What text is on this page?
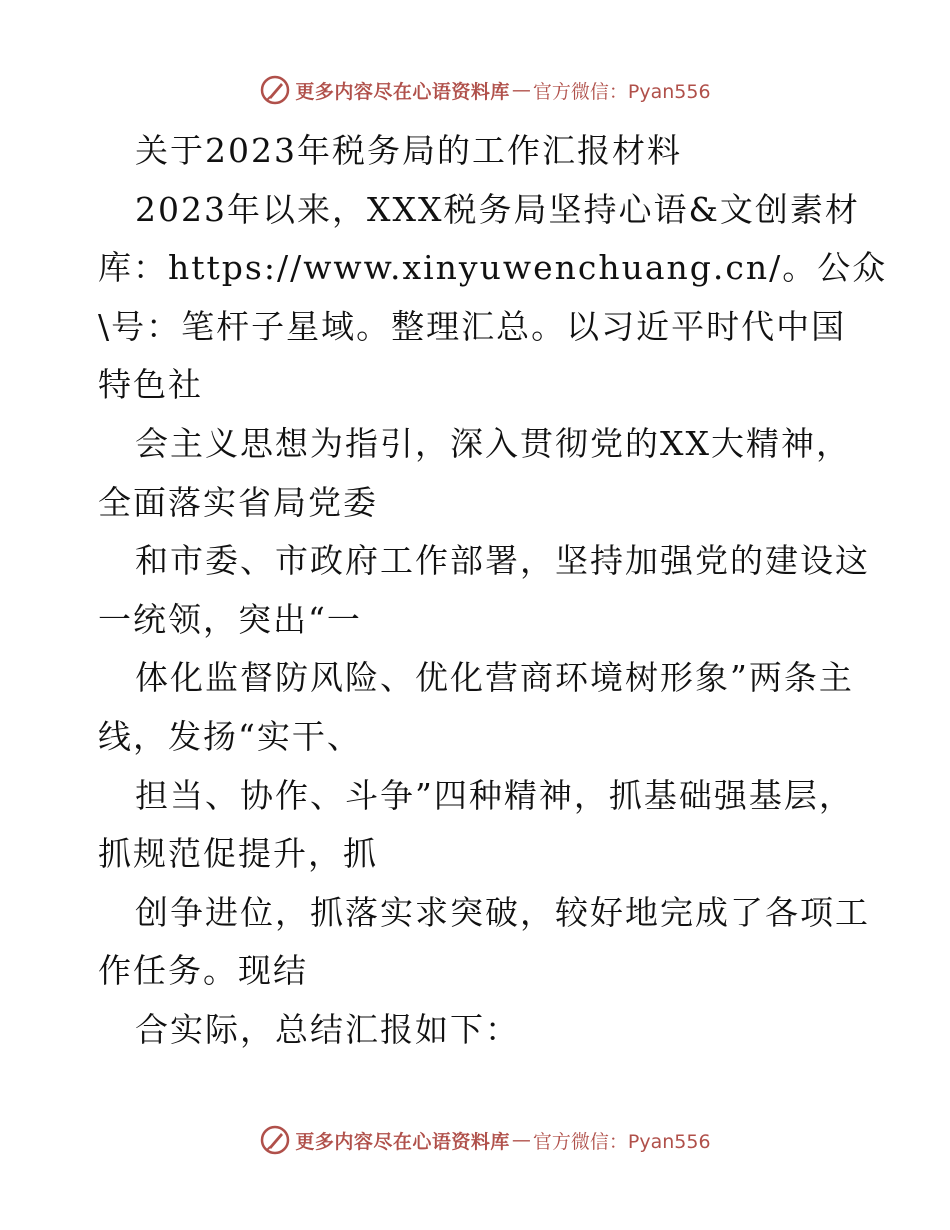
更多内容尽在心语资料库 — 官方微信：Pyan556
关于2023年税务局的工作汇报材料
2023年以来，XXX税务局坚持心语&文创素材
库：https://www.xinyuwenchuang.cn/。公众
\号：笔杆子星域。整理汇总。以习近平时代中国
特色社
会主义思想为指引，深入贯彻党的XX大精神，
全面落实省局党委
和市委、市政府工作部署，坚持加强党的建设这
一统领，突出“一
体化监督防风险、优化营商环境树形象”两条主
线，发扬“实干、
担当、协作、斗争”四种精神，抓基础强基层，
抓规范促提升，抓
创争进位，抓落实求突破，较好地完成了各项工
作任务。现结
合实际，总结汇报如下：
更多内容尽在心语资料库 — 官方微信：Pyan556
